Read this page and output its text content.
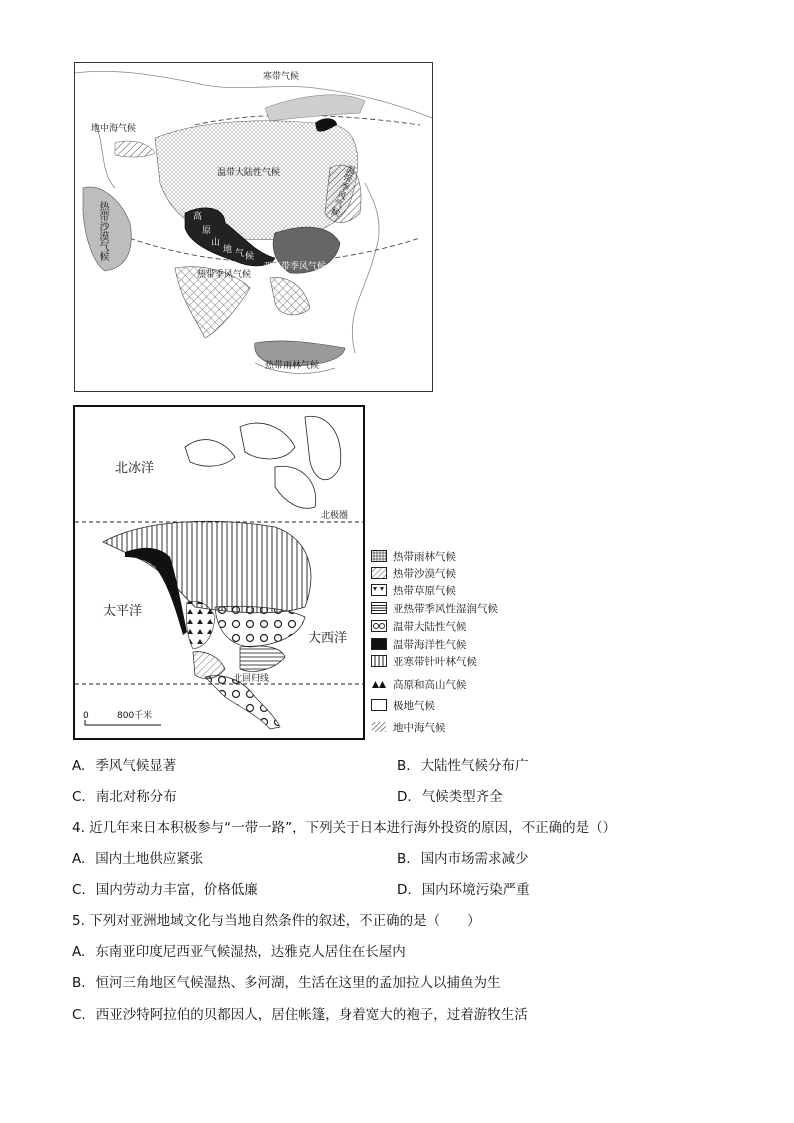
寒带气候
地中海气候
温带大陆性气候	温带季风气候
热带沙漠气候	高
原
山
地 气 候
热带季风气候
亚热带季风气候
热带雨林气候
北冰洋
太平洋
大西洋
北极圈
北回归线
0	800千米
热带雨林气候
热带沙漠气候
热带草原气候
亚热带季风性湿润气候
温带大陆性气候
温带海洋性气候
亚寒带针叶林气候
高原和高山气候
极地气候
地中海气候
A. 季风气候显著	B. 大陆性气候分布广
C. 南北对称分布	D. 气候类型齐全
4. 近几年来日本积极参与“一带一路”，下列关于日本进行海外投资的原因，不正确的是（）
A. 国内土地供应紧张	B. 国内市场需求减少
C. 国内劳动力丰富，价格低廉	D. 国内环境污染严重
5. 下列对亚洲地域文化与当地自然条件的叙述，不正确的是（　　）
A. 东南亚印度尼西亚气候湿热，达雅克人居住在长屋内
B. 恒河三角地区气候湿热、多河湖，生活在这里的孟加拉人以捕鱼为生
C. 西亚沙特阿拉伯的贝都因人，居住帐篷，身着宽大的袍子，过着游牧生活
